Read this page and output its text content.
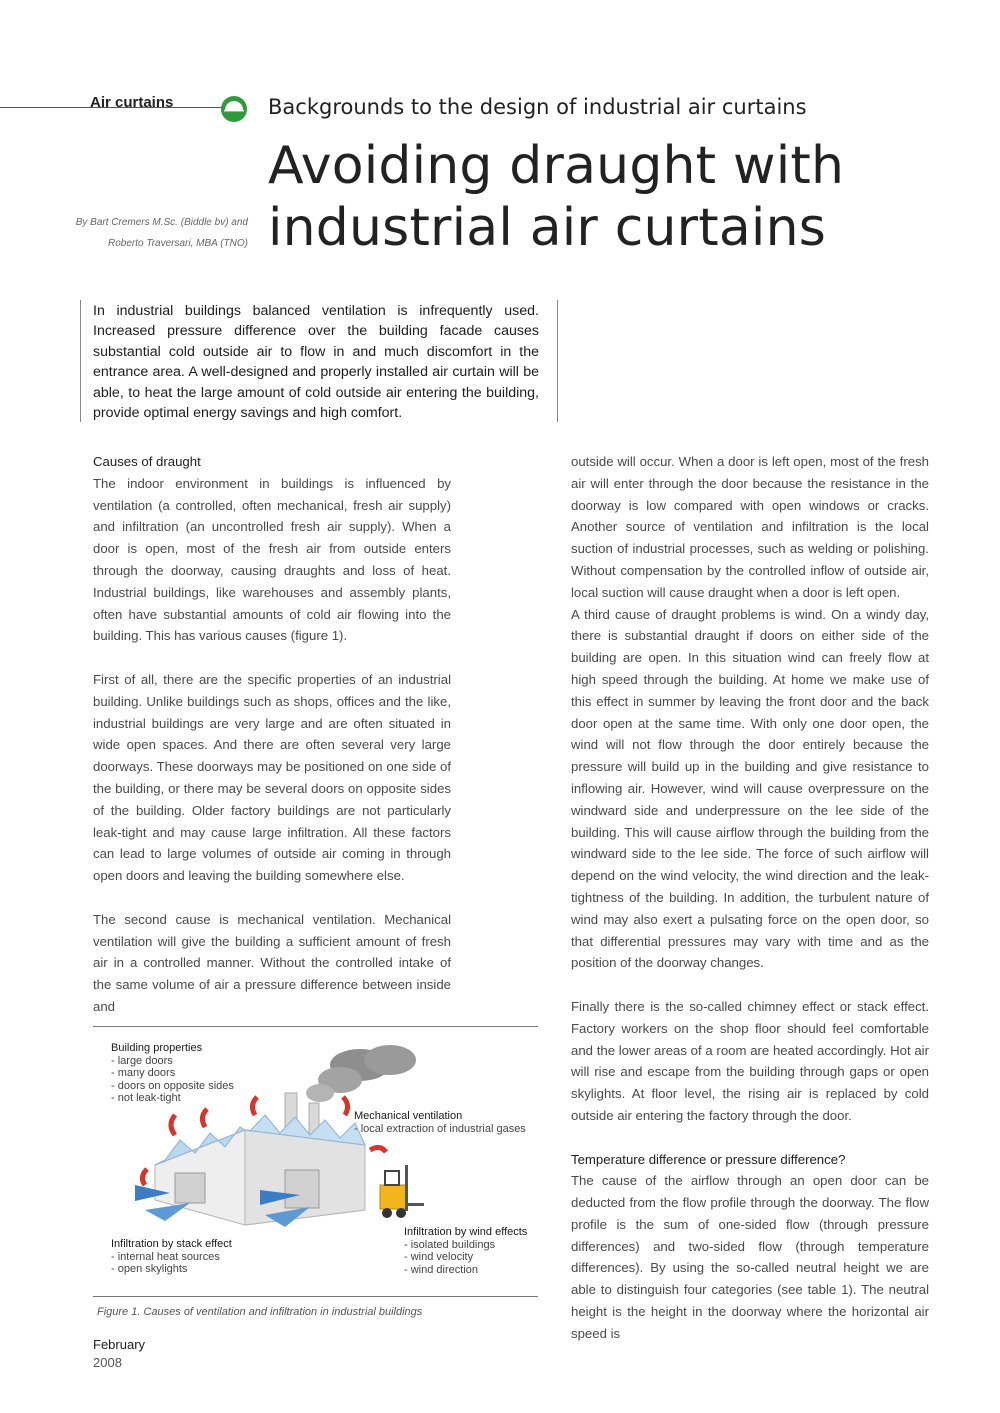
Air curtains	Backgrounds to the design of industrial air curtains
Avoiding draught with
industrial air curtains
By Bart Cremers M.Sc. (Biddle bv) and
Roberto Traversari, MBA (TNO)
In industrial buildings balanced ventilation is infrequently used. Increased pressure difference over the building facade causes substantial cold outside air to flow in and much discomfort in the entrance area. A well-designed and properly installed air curtain will be able, to heat the large amount of cold outside air entering the building, provide optimal energy savings and high comfort.

Causes of draught

The indoor environment in buildings is influenced by ventilation (a controlled, often mechanical, fresh air supply) and infiltration (an uncontrolled fresh air supply). When a door is open, most of the fresh air from outside enters through the doorway, causing draughts and loss of heat. Industrial buildings, like warehouses and assembly plants, often have substantial amounts of cold air flowing into the building. This has various causes (figure 1).

First of all, there are the specific properties of an industrial building. Unlike buildings such as shops, offices and the like, industrial buildings are very large and are often situated in wide open spaces. And there are often several very large doorways. These doorways may be positioned on one side of the building, or there may be several doors on opposite sides of the building. Older factory buildings are not particularly leak-tight and may cause large infiltration. All these factors can lead to large volumes of outside air coming in through open doors and leaving the building somewhere else.

The second cause is mechanical ventilation. Mechanical ventilation will give the building a sufficient amount of fresh air in a controlled manner. Without the controlled intake of the same volume of air a pressure difference between inside and

outside will occur. When a door is left open, most of the fresh air will enter through the door because the resistance in the doorway is low compared with open windows or cracks. Another source of ventilation and infiltration is the local suction of industrial processes, such as welding or polishing. Without compensation by the controlled inflow of outside air, local suction will cause draught when a door is left open.

A third cause of draught problems is wind. On a windy day, there is substantial draught if doors on either side of the building are open. In this situation wind can freely flow at high speed through the building. At home we make use of this effect in summer by leaving the front door and the back door open at the same time. With only one door open, the wind will not flow through the door entirely because the pressure will build up in the building and give resistance to inflowing air. However, wind will cause overpressure on the windward side and underpressure on the lee side of the building. This will cause airflow through the building from the windward side to the lee side. The force of such airflow will depend on the wind velocity, the wind direction and the leak-tightness of the building. In addition, the turbulent nature of wind may also exert a pulsating force on the open door, so that differential pressures may vary with time and as the position of the doorway changes.

Finally there is the so-called chimney effect or stack effect. Factory workers on the shop floor should feel comfortable and the lower areas of a room are heated accordingly. Hot air will rise and escape from the building through gaps or open skylights. At floor level, the rising air is replaced by cold outside air entering the factory through the door.

Temperature difference or pressure difference?

The cause of the airflow through an open door can be deducted from the flow profile through the doorway. The flow profile is the sum of one-sided flow (through pressure differences) and two-sided flow (through temperature differences). By using the so-called neutral height we are able to distinguish four categories (see table 1). The neutral height is the height in the doorway where the horizontal air speed is

Building properties
- large doors
- many doors
- doors on opposite sides
- not leak-tight
Mechanical ventilation
- local extraction of industrial gases
Infiltration by stack effect
- internal heat sources
- open skylights
Infiltration by wind effects
- isolated buildings
- wind velocity
- wind direction
Figure 1. Causes of ventilation and infiltration in industrial buildings
February
2008
